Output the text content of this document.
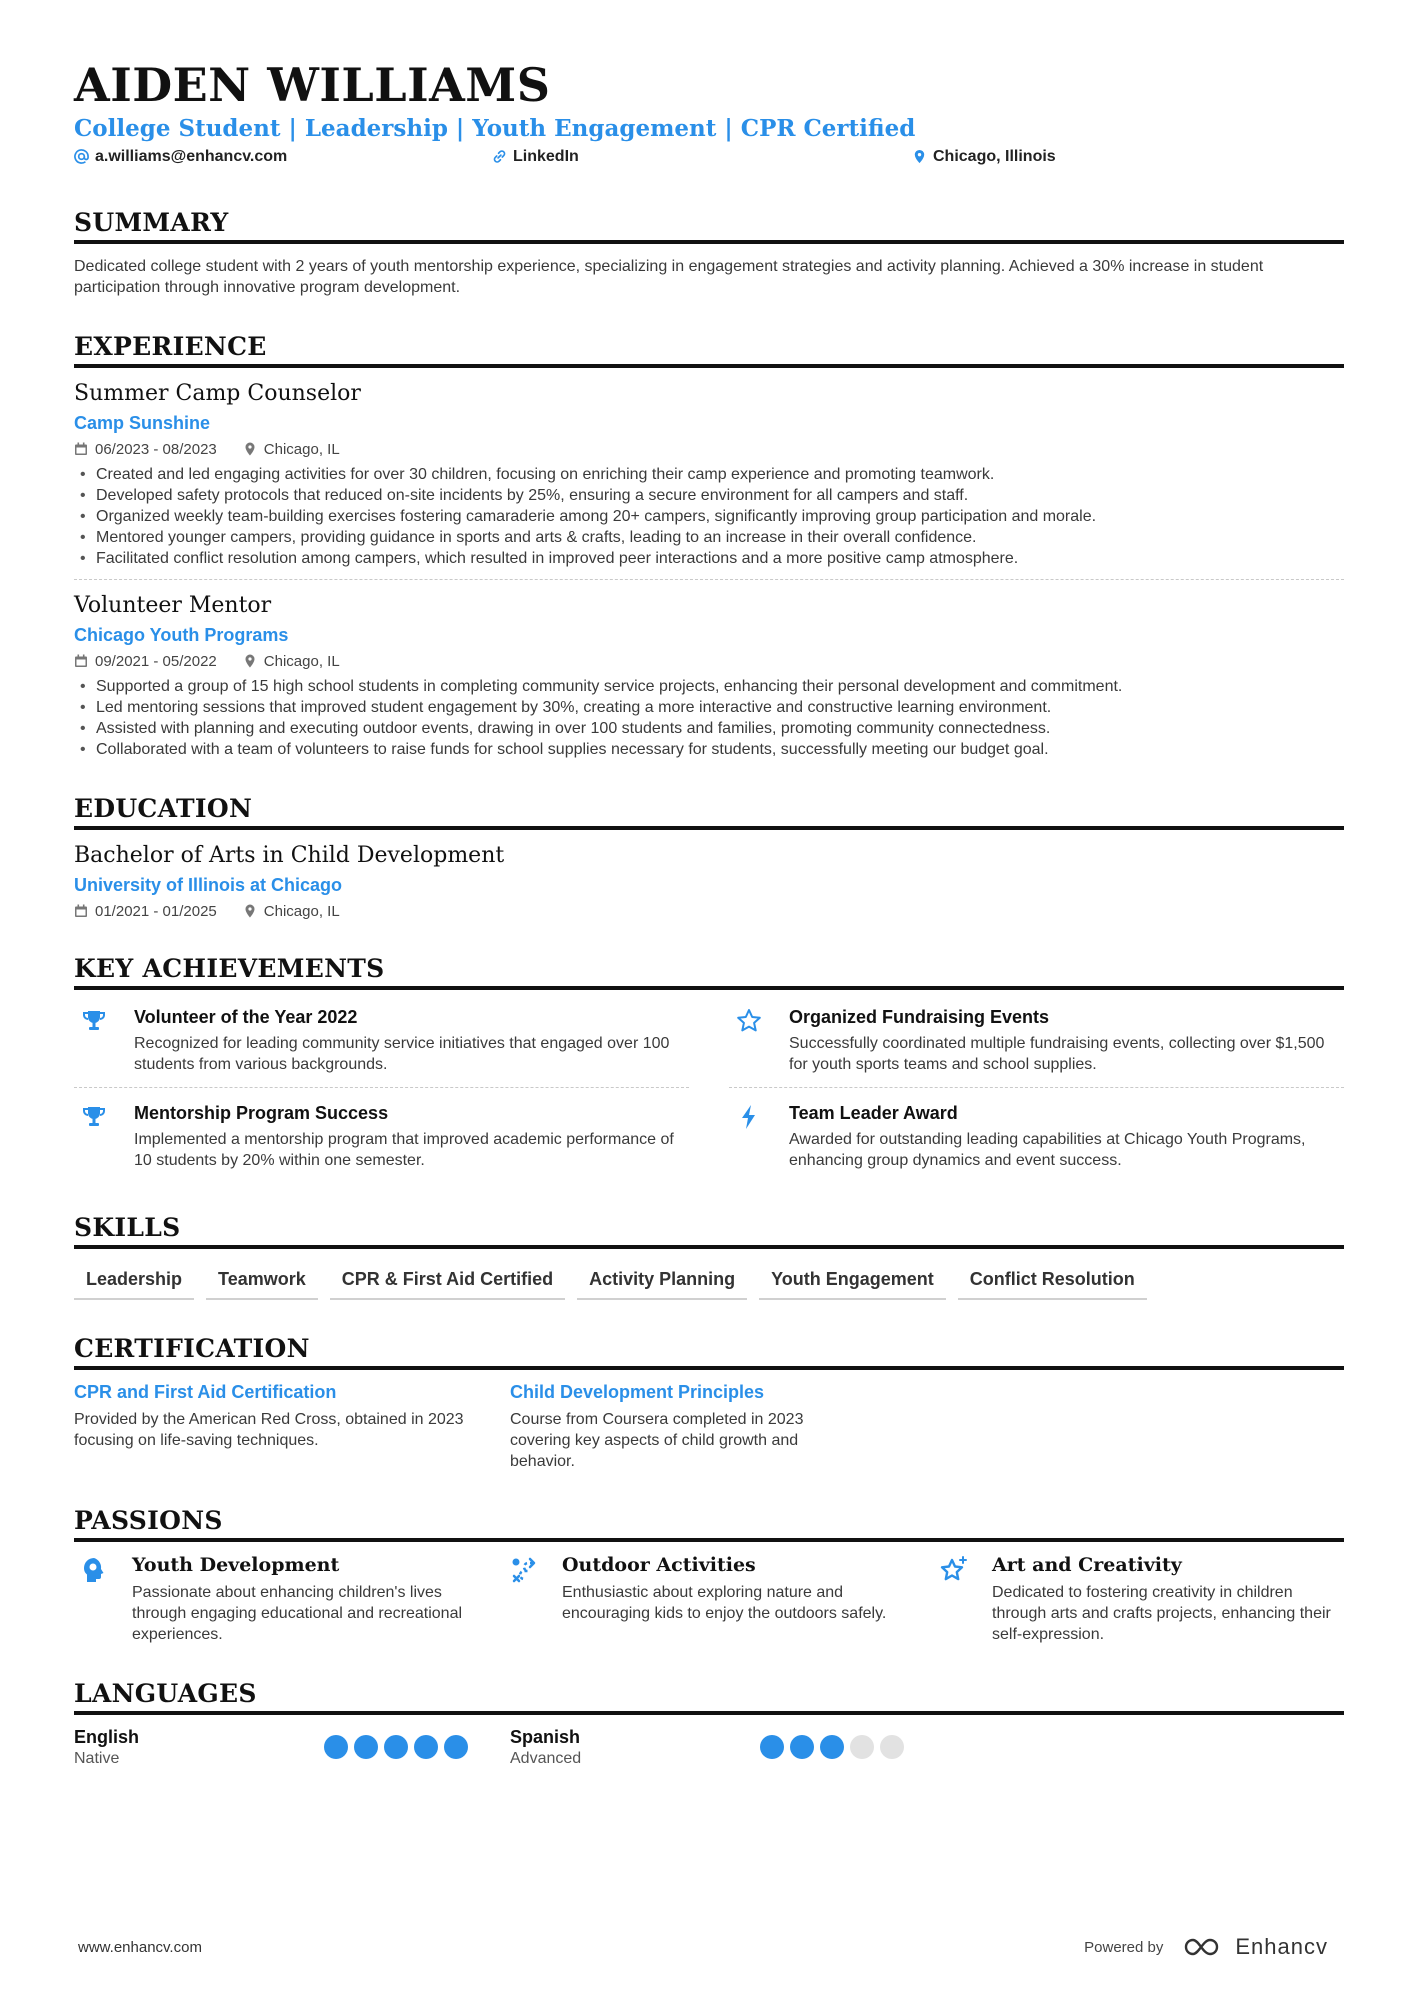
AIDEN WILLIAMS
College Student | Leadership | Youth Engagement | CPR Certified
a.williams@enhancv.com	LinkedIn	Chicago, Illinois
SUMMARY
Dedicated college student with 2 years of youth mentorship experience, specializing in engagement strategies and activity planning. Achieved a 30% increase in student participation through innovative program development.
EXPERIENCE
Summer Camp Counselor
Camp Sunshine
06/2023 - 08/2023	Chicago, IL
• Created and led engaging activities for over 30 children, focusing on enriching their camp experience and promoting teamwork.
• Developed safety protocols that reduced on-site incidents by 25%, ensuring a secure environment for all campers and staff.
• Organized weekly team-building exercises fostering camaraderie among 20+ campers, significantly improving group participation and morale.
• Mentored younger campers, providing guidance in sports and arts & crafts, leading to an increase in their overall confidence.
• Facilitated conflict resolution among campers, which resulted in improved peer interactions and a more positive camp atmosphere.
Volunteer Mentor
Chicago Youth Programs
09/2021 - 05/2022	Chicago, IL
• Supported a group of 15 high school students in completing community service projects, enhancing their personal development and commitment.
• Led mentoring sessions that improved student engagement by 30%, creating a more interactive and constructive learning environment.
• Assisted with planning and executing outdoor events, drawing in over 100 students and families, promoting community connectedness.
• Collaborated with a team of volunteers to raise funds for school supplies necessary for students, successfully meeting our budget goal.
EDUCATION
Bachelor of Arts in Child Development
University of Illinois at Chicago
01/2021 - 01/2025	Chicago, IL
KEY ACHIEVEMENTS
Volunteer of the Year 2022
Recognized for leading community service initiatives that engaged over 100 students from various backgrounds.
Organized Fundraising Events
Successfully coordinated multiple fundraising events, collecting over $1,500 for youth sports teams and school supplies.
Mentorship Program Success
Implemented a mentorship program that improved academic performance of 10 students by 20% within one semester.
Team Leader Award
Awarded for outstanding leading capabilities at Chicago Youth Programs, enhancing group dynamics and event success.
SKILLS
Leadership	Teamwork	CPR & First Aid Certified	Activity Planning	Youth Engagement	Conflict Resolution
CERTIFICATION
CPR and First Aid Certification
Provided by the American Red Cross, obtained in 2023 focusing on life-saving techniques.
Child Development Principles
Course from Coursera completed in 2023 covering key aspects of child growth and behavior.
PASSIONS
Youth Development
Passionate about enhancing children's lives through engaging educational and recreational experiences.
Outdoor Activities
Enthusiastic about exploring nature and encouraging kids to enjoy the outdoors safely.
Art and Creativity
Dedicated to fostering creativity in children through arts and crafts projects, enhancing their self-expression.
LANGUAGES
English
Native
Spanish
Advanced
www.enhancv.com	Powered by	Enhancv
